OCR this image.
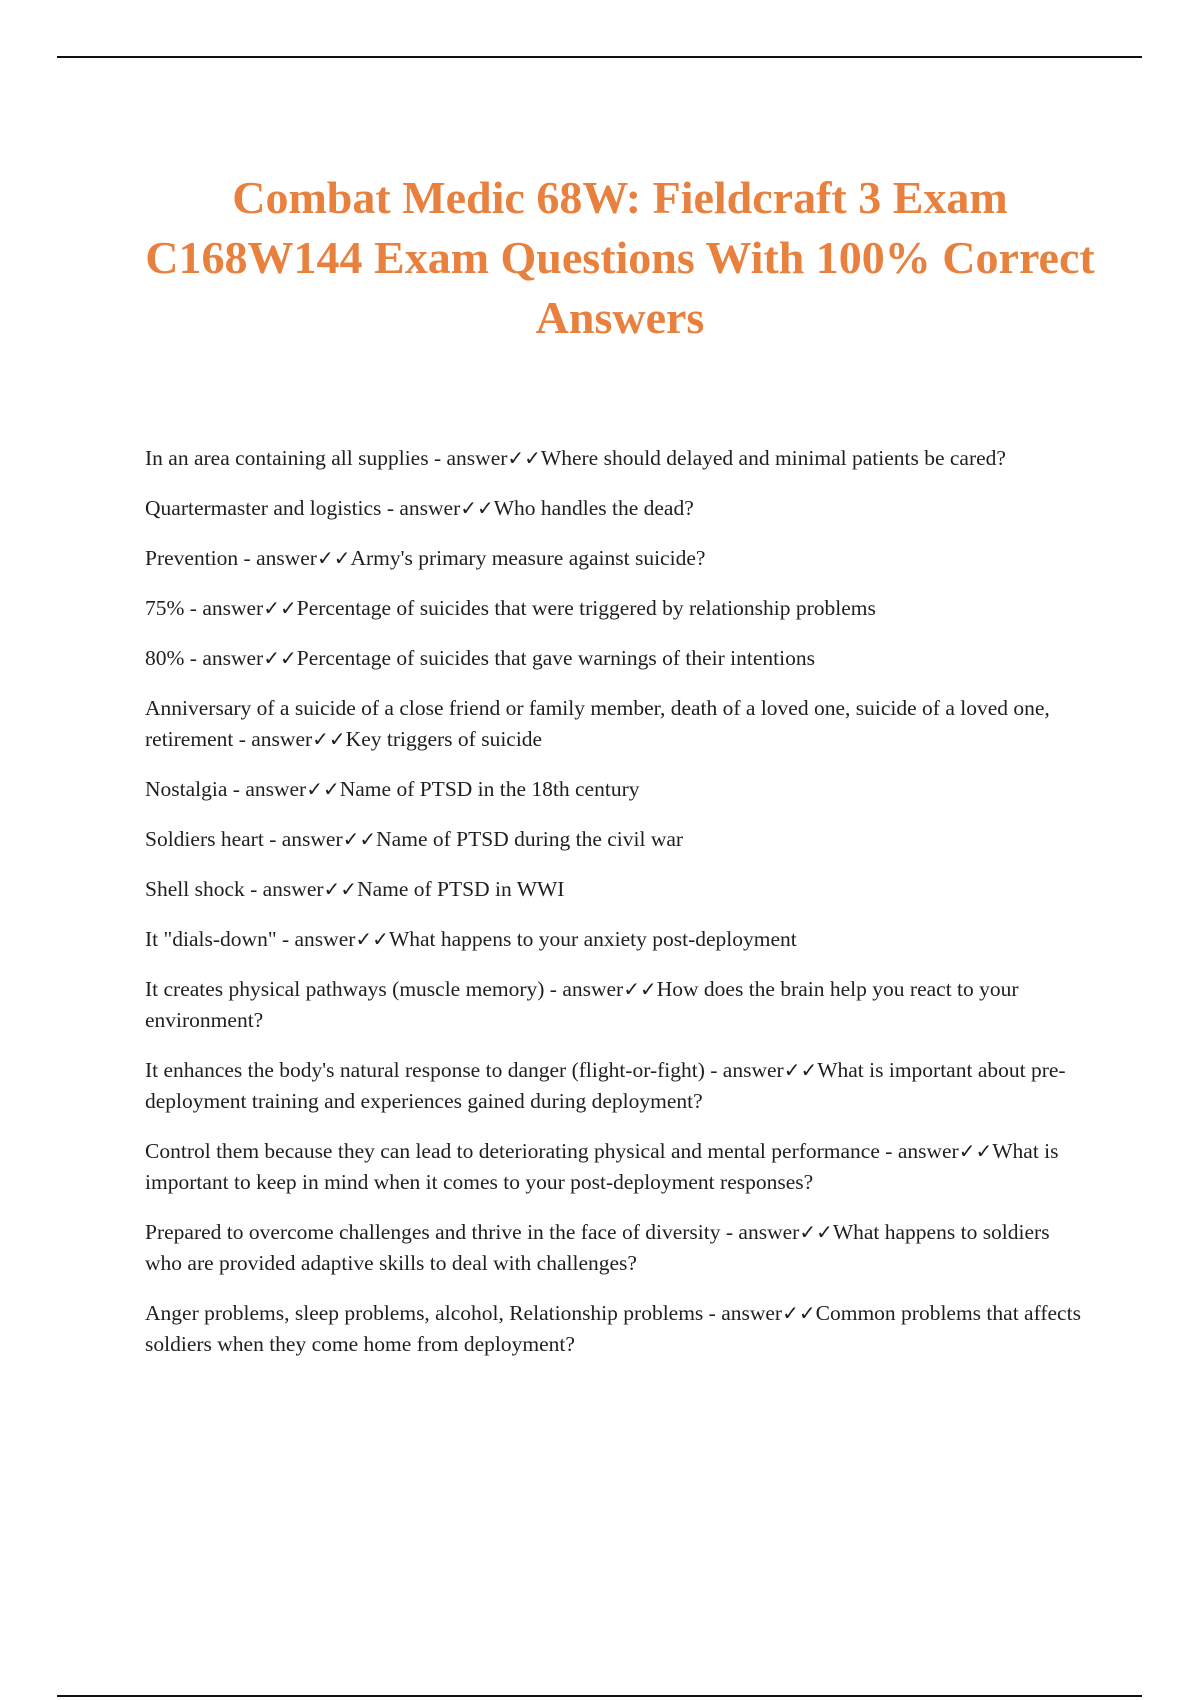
Combat Medic 68W: Fieldcraft 3 Exam C168W144 Exam Questions With 100% Correct Answers
In an area containing all supplies - answer✓✓Where should delayed and minimal patients be cared?
Quartermaster and logistics - answer✓✓Who handles the dead?
Prevention - answer✓✓Army's primary measure against suicide?
75% - answer✓✓Percentage of suicides that were triggered by relationship problems
80% - answer✓✓Percentage of suicides that gave warnings of their intentions
Anniversary of a suicide of a close friend or family member, death of a loved one, suicide of a loved one, retirement - answer✓✓Key triggers of suicide
Nostalgia - answer✓✓Name of PTSD in the 18th century
Soldiers heart - answer✓✓Name of PTSD during the civil war
Shell shock - answer✓✓Name of PTSD in WWI
It "dials-down" - answer✓✓What happens to your anxiety post-deployment
It creates physical pathways (muscle memory) - answer✓✓How does the brain help you react to your environment?
It enhances the body's natural response to danger (flight-or-fight) - answer✓✓What is important about pre-deployment training and experiences gained during deployment?
Control them because they can lead to deteriorating physical and mental performance - answer✓✓What is important to keep in mind when it comes to your post-deployment responses?
Prepared to overcome challenges and thrive in the face of diversity - answer✓✓What happens to soldiers who are provided adaptive skills to deal with challenges?
Anger problems, sleep problems, alcohol, Relationship problems - answer✓✓Common problems that affects soldiers when they come home from deployment?
